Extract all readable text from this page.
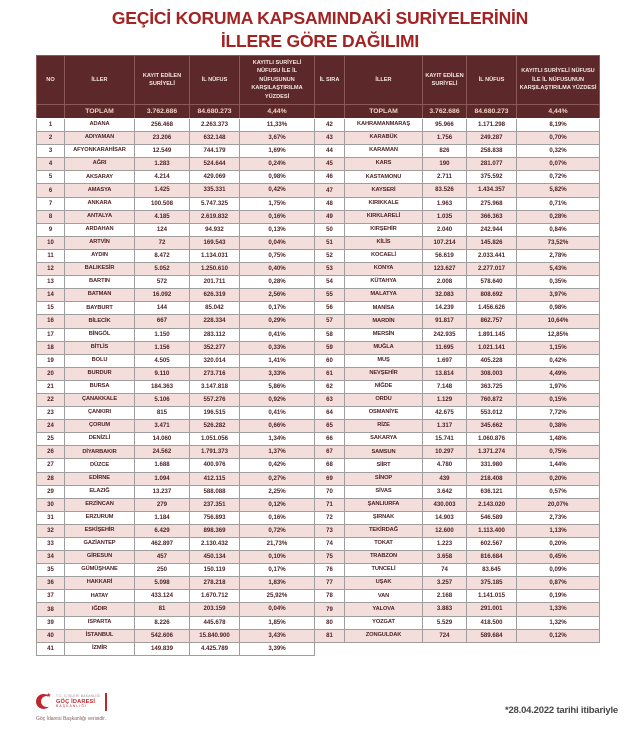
GEÇİCİ KORUMA KAPSAMINDAKİ SURİYELERİNİN
İLLERE GÖRE DAĞILIMI
NO	İLLER	KAYIT EDİLEN SURİYELİ	İL NÜFUS	KAYITLI SURİYELİ NÜFUSU İLE İL NÜFUSUNUN KARŞILAŞTIRILMA YÜZDESİ	İL SIRA	İLLER	KAYIT EDİLEN SURİYELİ	İL NÜFUS	KAYITLI SURİYELİ NÜFUSU İLE İL NÜFUSUNUN KARŞILAŞTIRILMA YÜZDESİ
	TOPLAM	3.762.686	84.680.273	4,44%		TOPLAM	3.762.686	84.680.273	4,44%
1	ADANA	256.468	2.263.373	11,33%	42	KAHRAMANMARAŞ	95.966	1.171.298	8,19%
2	ADIYAMAN	23.206	632.148	3,67%	43	KARABÜK	1.756	249.287	0,70%
3	AFYONKARAHİSAR	12.549	744.179	1,69%	44	KARAMAN	826	258.838	0,32%
4	AĞRI	1.283	524.644	0,24%	45	KARS	190	281.077	0,07%
5	AKSARAY	4.214	429.069	0,98%	46	KASTAMONU	2.711	375.592	0,72%
6	AMASYA	1.425	335.331	0,42%	47	KAYSERİ	83.526	1.434.357	5,82%
7	ANKARA	100.508	5.747.325	1,75%	48	KIRIKKALE	1.963	275.968	0,71%
8	ANTALYA	4.185	2.619.832	0,16%	49	KIRKLARELİ	1.035	366.363	0,28%
9	ARDAHAN	124	94.932	0,13%	50	KIRŞEHİR	2.040	242.944	0,84%
10	ARTVİN	72	169.543	0,04%	51	KİLİS	107.214	145.826	73,52%
11	AYDIN	8.472	1.134.031	0,75%	52	KOCAELİ	56.619	2.033.441	2,78%
12	BALIKESİR	5.052	1.250.610	0,40%	53	KONYA	123.627	2.277.017	5,43%
13	BARTIN	572	201.711	0,28%	54	KÜTAHYA	2.008	578.640	0,35%
14	BATMAN	16.092	626.319	2,56%	55	MALATYA	32.083	808.692	3,97%
15	BAYBURT	144	85.042	0,17%	56	MANİSA	14.239	1.456.626	0,98%
16	BİLECİK	667	228.334	0,29%	57	MARDİN	91.817	862.757	10,64%
17	BİNGÖL	1.150	283.112	0,41%	58	MERSİN	242.935	1.891.145	12,85%
18	BİTLİS	1.156	352.277	0,33%	59	MUĞLA	11.695	1.021.141	1,15%
19	BOLU	4.505	320.014	1,41%	60	MUŞ	1.697	405.228	0,42%
20	BURDUR	9.110	273.716	3,33%	61	NEVŞEHİR	13.814	308.003	4,49%
21	BURSA	184.363	3.147.818	5,86%	62	NİĞDE	7.148	363.725	1,97%
22	ÇANAKKALE	5.106	557.276	0,92%	63	ORDU	1.129	760.872	0,15%
23	ÇANKIRI	815	196.515	0,41%	64	OSMANİYE	42.675	553.012	7,72%
24	ÇORUM	3.471	526.282	0,66%	65	RİZE	1.317	345.662	0,38%
25	DENİZLİ	14.060	1.051.056	1,34%	66	SAKARYA	15.741	1.060.876	1,48%
26	DİYARBAKIR	24.562	1.791.373	1,37%	67	SAMSUN	10.297	1.371.274	0,75%
27	DÜZCE	1.688	400.976	0,42%	68	SİİRT	4.780	331.980	1,44%
28	EDİRNE	1.094	412.115	0,27%	69	SİNOP	439	218.408	0,20%
29	ELAZIĞ	13.237	588.088	2,25%	70	SİVAS	3.642	636.121	0,57%
30	ERZİNCAN	279	237.351	0,12%	71	ŞANLIURFA	430.003	2.143.020	20,07%
31	ERZURUM	1.184	756.893	0,16%	72	ŞIRNAK	14.903	546.589	2,73%
32	ESKİŞEHİR	6.429	898.369	0,72%	73	TEKİRDAĞ	12.600	1.113.400	1,13%
33	GAZİANTEP	462.897	2.130.432	21,73%	74	TOKAT	1.223	602.567	0,20%
34	GİRESUN	457	450.134	0,10%	75	TRABZON	3.658	816.684	0,45%
35	GÜMÜŞHANE	250	150.119	0,17%	76	TUNCELİ	74	83.645	0,09%
36	HAKKARİ	5.098	278.218	1,83%	77	UŞAK	3.257	375.185	0,87%
37	HATAY	433.124	1.670.712	25,92%	78	VAN	2.168	1.141.015	0,19%
38	IĞDIR	81	203.159	0,04%	79	YALOVA	3.883	291.001	1,33%
39	ISPARTA	8.226	445.678	1,85%	80	YOZGAT	5.529	418.500	1,32%
40	İSTANBUL	542.606	15.840.900	3,43%	81	ZONGULDAK	724	589.684	0,12%
41	İZMİR	149.839	4.425.789	3,39%					
★ T.C. İÇİŞLERİ BAKANLIĞI
GÖÇ İDARESİ
BAŞKANLIĞI
Göç İdaresi Başkanlığı verisidir.
*28.04.2022 tarihi itibariyle
